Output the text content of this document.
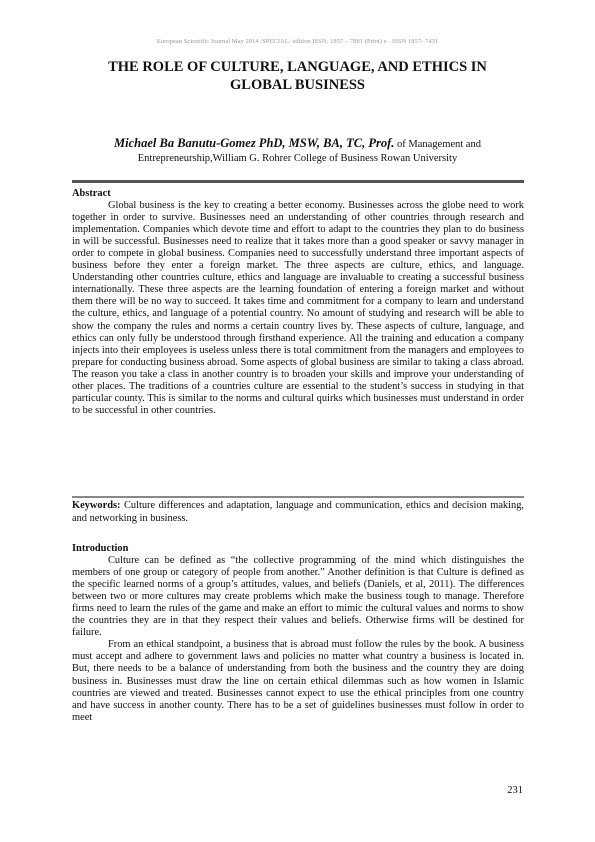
European Scientific Journal May 2014 /SPECIAL/ edition ISSN: 1857 – 7881 (Print) e - ISSN 1857- 7431
THE ROLE OF CULTURE, LANGUAGE, AND ETHICS IN
GLOBAL BUSINESS
Michael Ba Banutu-Gomez PhD, MSW, BA, TC, Prof. of Management and
Entrepreneurship,William G. Rohrer College of Business Rowan University
Abstract

Global business is the key to creating a better economy. Businesses across the globe need to work together in order to survive. Businesses need an understanding of other countries through research and implementation. Companies which devote time and effort to adapt to the countries they plan to do business in will be successful. Businesses need to realize that it takes more than a good speaker or savvy manager in order to compete in global business. Companies need to successfully understand three important aspects of business before they enter a foreign market. The three aspects are culture, ethics, and language. Understanding other countries culture, ethics and language are invaluable to creating a successful business internationally. These three aspects are the learning foundation of entering a foreign market and without them there will be no way to succeed. It takes time and commitment for a company to learn and understand the culture, ethics, and language of a potential country. No amount of studying and research will be able to show the company the rules and norms a certain country lives by. These aspects of culture, language, and ethics can only fully be understood through firsthand experience. All the training and education a company injects into their employees is useless unless there is total commitment from the managers and employees to prepare for conducting business abroad. Some aspects of global business are similar to taking a class abroad. The reason you take a class in another country is to broaden your skills and improve your understanding of other places. The traditions of a countries culture are essential to the student’s success in studying in that particular county. This is similar to the norms and cultural quirks which businesses must understand in order to be successful in other countries.

Keywords: Culture differences and adaptation, language and communication, ethics and decision making, and networking in business.
Introduction

Culture can be defined as “the collective programming of the mind which distinguishes the members of one group or category of people from another.” Another definition is that Culture is defined as the specific learned norms of a group’s attitudes, values, and beliefs (Daniels, et al, 2011). The differences between two or more cultures may create problems which make the business tough to manage. Therefore firms need to learn the rules of the game and make an effort to mimic the cultural values and norms to show the countries they are in that they respect their values and beliefs. Otherwise firms will be destined for failure.

From an ethical standpoint, a business that is abroad must follow the rules by the book. A business must accept and adhere to government laws and policies no matter what country a business is located in. But, there needs to be a balance of understanding from both the business and the country they are doing business in. Businesses must draw the line on certain ethical dilemmas such as how women in Islamic countries are viewed and treated. Businesses cannot expect to use the ethical principles from one country and have success in another county. There has to be a set of guidelines businesses must follow in order to meet

231
